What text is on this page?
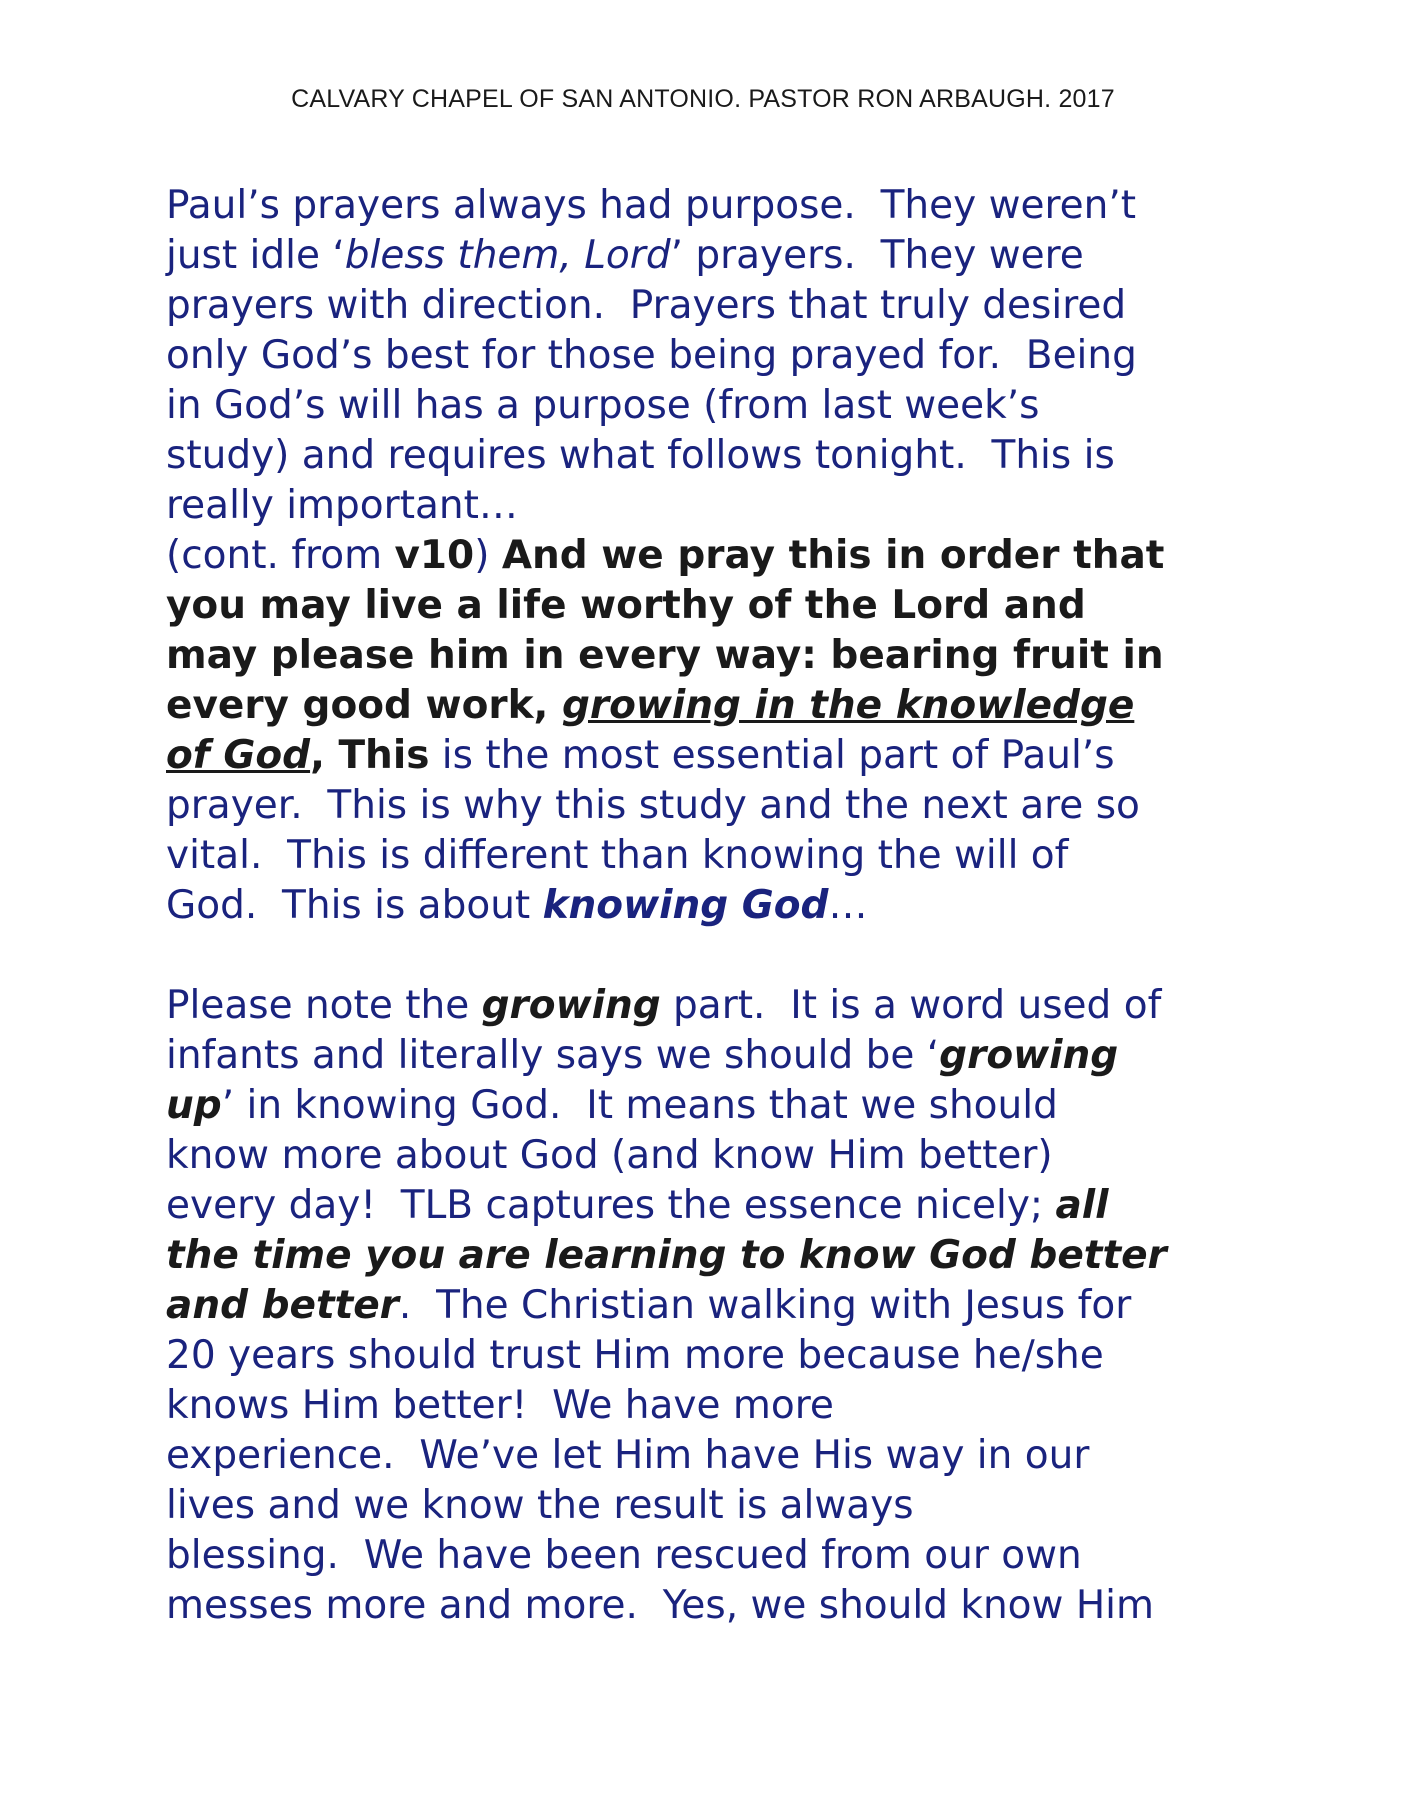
CALVARY CHAPEL OF SAN ANTONIO. PASTOR RON ARBAUGH. 2017
Paul’s prayers always had purpose.  They weren’t
just idle ‘bless them, Lord’ prayers.  They were
prayers with direction.  Prayers that truly desired
only God’s best for those being prayed for.  Being
in God’s will has a purpose (from last week’s
study) and requires what follows tonight.  This is
really important…
(cont. from v10) And we pray this in order that
you may live a life worthy of the Lord and
may please him in every way: bearing fruit in
every good work, growing in the knowledge
of God, This is the most essential part of Paul’s
prayer.  This is why this study and the next are so
vital.  This is different than knowing the will of
God.  This is about knowing God…
Please note the growing part.  It is a word used of
infants and literally says we should be ‘growing
up’ in knowing God.  It means that we should
know more about God (and know Him better)
every day!  TLB captures the essence nicely; all
the time you are learning to know God better
and better.  The Christian walking with Jesus for
20 years should trust Him more because he/she
knows Him better!  We have more
experience.  We’ve let Him have His way in our
lives and we know the result is always
blessing.  We have been rescued from our own
messes more and more.  Yes, we should know Him
